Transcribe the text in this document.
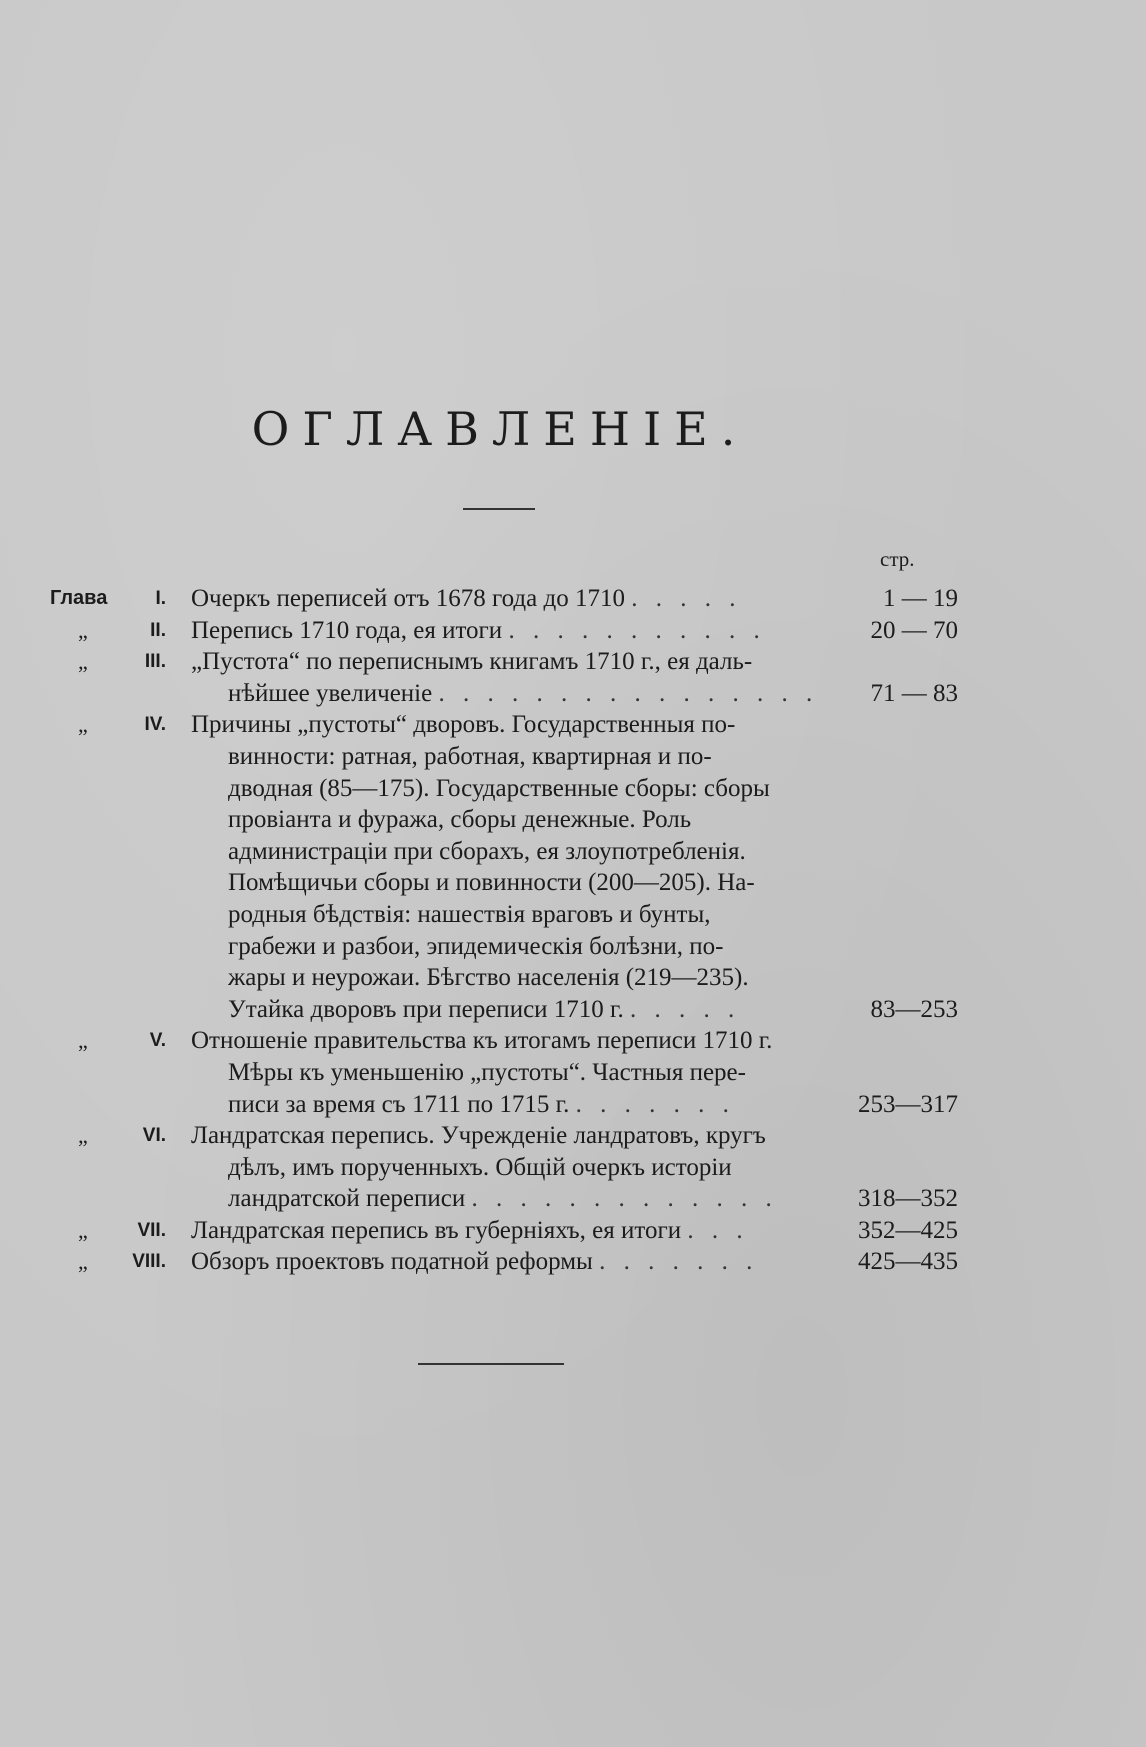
ОГЛАВЛЕНІЕ.
стр.
Глава	I. Очеркъ переписей отъ 1678 года до 1710 . . . . .	1 — 19
„	II. Перепись 1710 года, ея итоги . . . . . . . . . . .	20 — 70
„	III. „Пустота“ по переписнымъ книгамъ 1710 г., ея даль-
нѣйшее увеличеніе . . . . . . . . . . . . . . . . 71 — 83
„	IV. Причины „пустоты“ дворовъ. Государственныя по-
винности: ратная, работная, квартирная и по-
дводная (85—175). Государственные сборы: сборы
провіанта и фуража, сборы денежные. Роль
администраціи при сборахъ, ея злоупотребленія.
Помѣщичьи сборы и повинности (200—205). На-
родныя бѣдствія: нашествія враговъ и бунты,
грабежи и разбои, эпидемическія болѣзни, по-
жары и неурожаи. Бѣгство населенія (219—235).
Утайка дворовъ при переписи 1710 г. . . . . .	83—253
„	V. Отношеніе правительства къ итогамъ переписи 1710 г.
Мѣры къ уменьшенію „пустоты“. Частныя пере-
писи за время съ 1711 по 1715 г. . . . . . . .	253—317
„	VI. Ландратская перепись. Учрежденіе ландратовъ, кругъ
дѣлъ, имъ порученныхъ. Общій очеркъ исторіи
ландратской переписи . . . . . . . . . . . . .	318—352
„	VII. Ландратская перепись въ губерніяхъ, ея итоги . . .	352—425
„ VIII. Обзоръ проектовъ податной реформы . . . . . . .	425—435
